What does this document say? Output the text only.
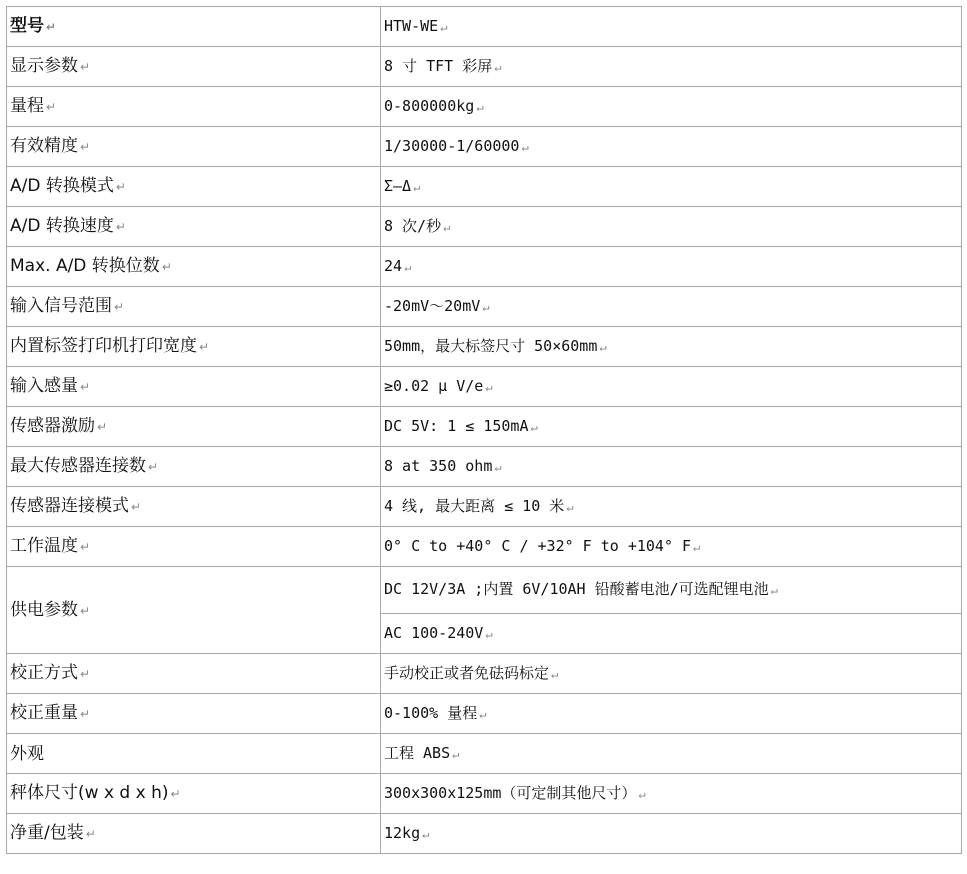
型号 ↵	HTW-WE ↵
显示参数 ↵	8 寸 TFT 彩屏 ↵
量程 ↵	0-800000kg ↵
有效精度 ↵	1/30000-1/60000 ↵
A/D 转换模式 ↵	Σ—Δ ↵
A/D 转换速度 ↵	8 次/秒 ↵
Max. A/D 转换位数 ↵	24 ↵
输入信号范围 ↵	-20mV～20mV ↵
内置标签打印机打印宽度 ↵	50mm，最大标签尺寸 50×60mm ↵
输入感量 ↵	≥0.02 μ V/e ↵
传感器激励 ↵	DC 5V: 1 ≤ 150mA ↵
最大传感器连接数 ↵	8 at 350 ohm ↵
传感器连接模式 ↵	4 线, 最大距离 ≤ 10 米 ↵
工作温度 ↵	0° C to +40° C / +32° F to +104° F ↵
供电参数 ↵	DC 12V/3A ;内置 6V/10AH 铅酸蓄电池/可选配锂电池 ↵
	AC 100-240V ↵
校正方式 ↵	手动校正或者免砝码标定 ↵
校正重量 ↵	0-100% 量程 ↵
外观	工程 ABS ↵
秤体尺寸(w x d x h) ↵	300x300x125mm（可定制其他尺寸） ↵
净重/包装 ↵	12kg ↵
